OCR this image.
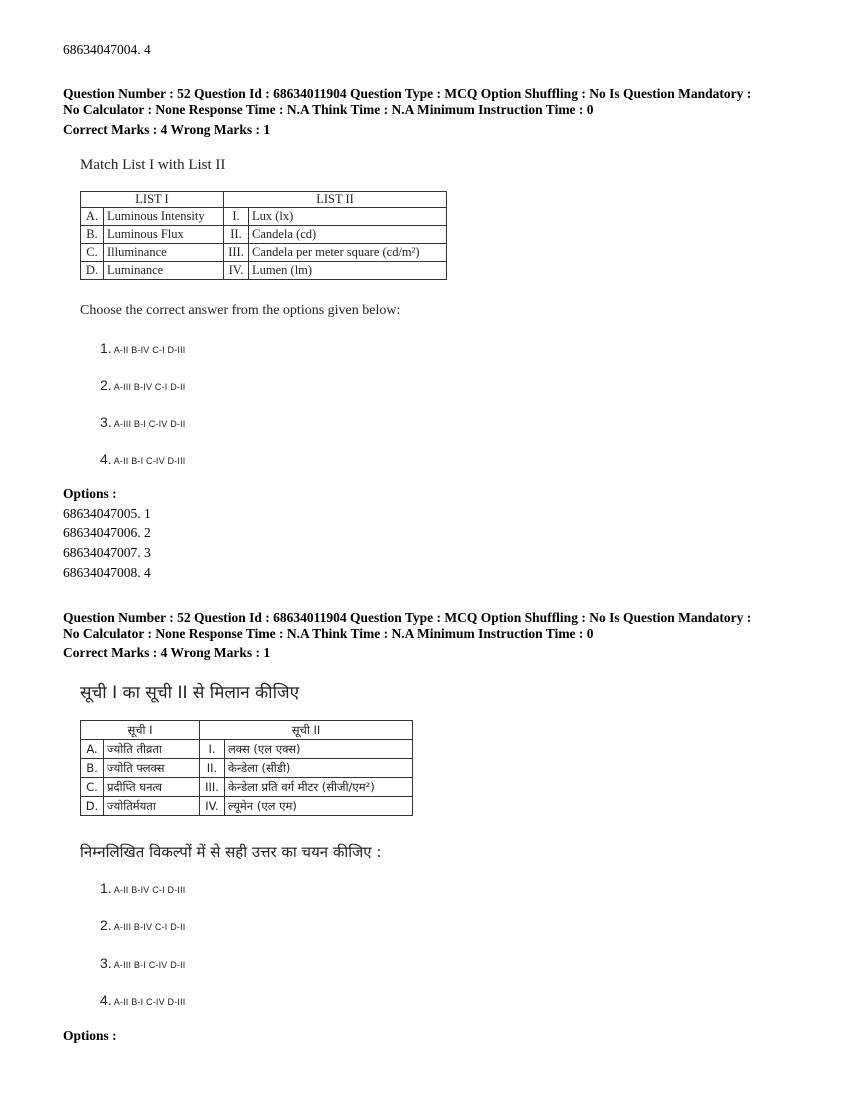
68634047004. 4
Question Number : 52 Question Id : 68634011904 Question Type : MCQ Option Shuffling : No Is Question Mandatory :
No Calculator : None Response Time : N.A Think Time : N.A Minimum Instruction Time : 0
Correct Marks : 4 Wrong Marks : 1
Match List I with List II
LIST I		LIST II	
A.	Luminous Intensity	I.	Lux (lx)
B.	Luminous Flux	II.	Candela (cd)
C.	Illuminance	III.	Candela per meter square (cd/m²)
D.	Luminance	IV.	Lumen (lm)
Choose the correct answer from the options given below:
1. A-II B-IV C-I D-III
2. A-III B-IV C-I D-II
3. A-III B-I C-IV D-II
4. A-II B-I C-IV D-III
Options :
68634047005. 1
68634047006. 2
68634047007. 3
68634047008. 4
Question Number : 52 Question Id : 68634011904 Question Type : MCQ Option Shuffling : No Is Question Mandatory :
No Calculator : None Response Time : N.A Think Time : N.A Minimum Instruction Time : 0
Correct Marks : 4 Wrong Marks : 1
सूची I का सूची II से मिलान कीजिए
सूची I		सूची II	
A.	ज्योति तीव्रता	I.	लक्स (एल एक्स)
B.	ज्योति फ्लक्स	II.	केन्डेला (सीडी)
C.	प्रदीप्ति घनत्व	III.	केन्डेला प्रति वर्ग मीटर (सीजी/एम²)
D.	ज्योतिर्मयता	IV.	ल्यूमेन (एल एम)
निम्नलिखित विकल्पों में से सही उत्तर का चयन कीजिए :
1. A-II B-IV C-I D-III
2. A-III B-IV C-I D-II
3. A-III B-I C-IV D-II
4. A-II B-I C-IV D-III
Options :
